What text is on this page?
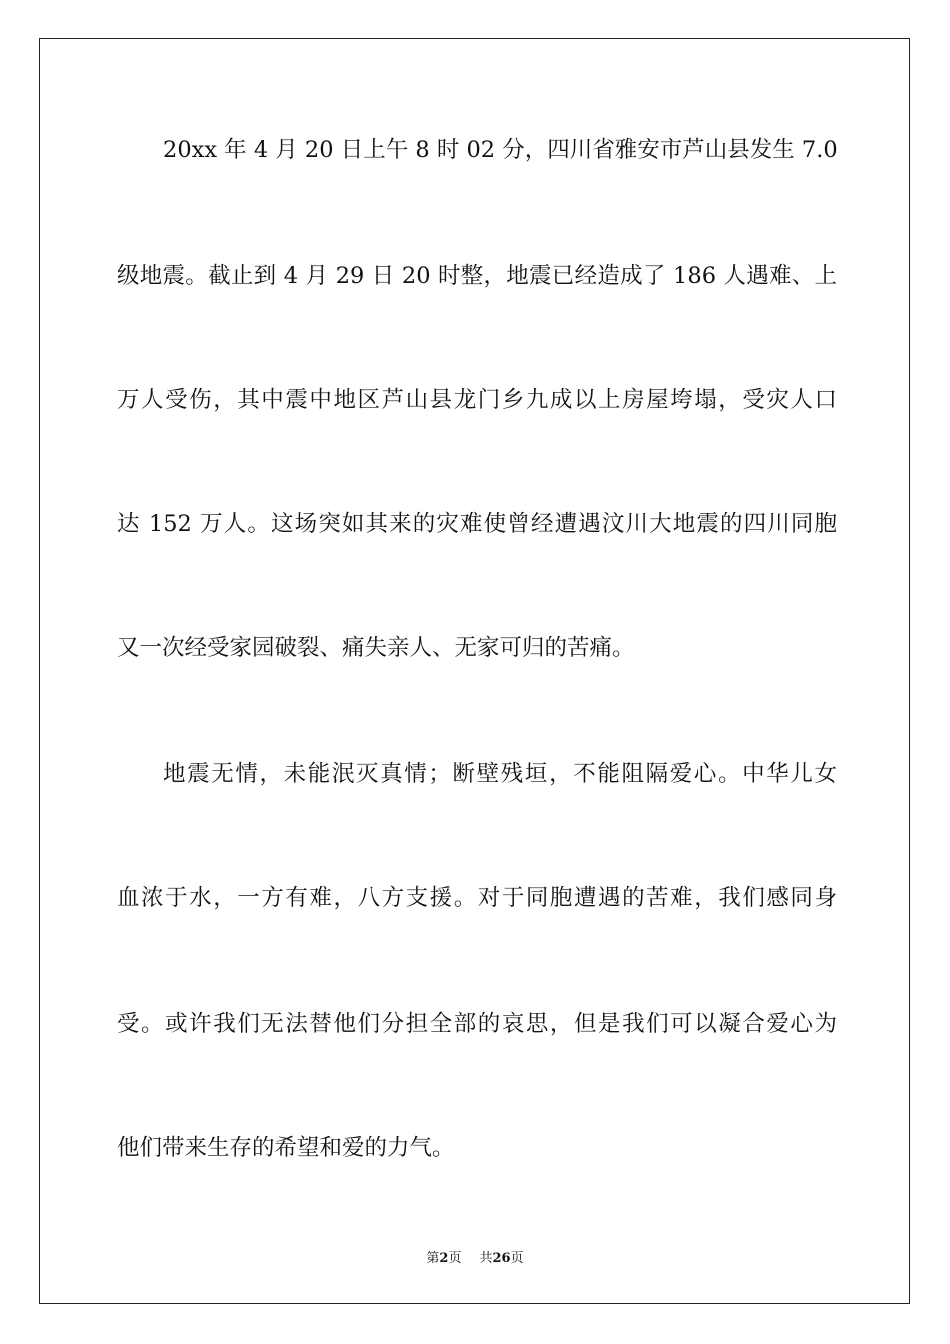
20xx 年 4 月 20 日上午 8 时 02 分，四川省雅安市芦山县发生 7.0

级地震。截止到 4 月 29 日 20 时整，地震已经造成了 186 人遇难、上

万人受伤，其中震中地区芦山县龙门乡九成以上房屋垮塌，受灾人口

达 152 万人。这场突如其来的灾难使曾经遭遇汶川大地震的四川同胞

又一次经受家园破裂、痛失亲人、无家可归的苦痛。

地震无情，未能泯灭真情；断壁残垣，不能阻隔爱心。中华儿女

血浓于水，一方有难，八方支援。对于同胞遭遇的苦难，我们感同身

受。或许我们无法替他们分担全部的哀思，但是我们可以凝合爱心为

他们带来生存的希望和爱的力气。

第2页 共26页
